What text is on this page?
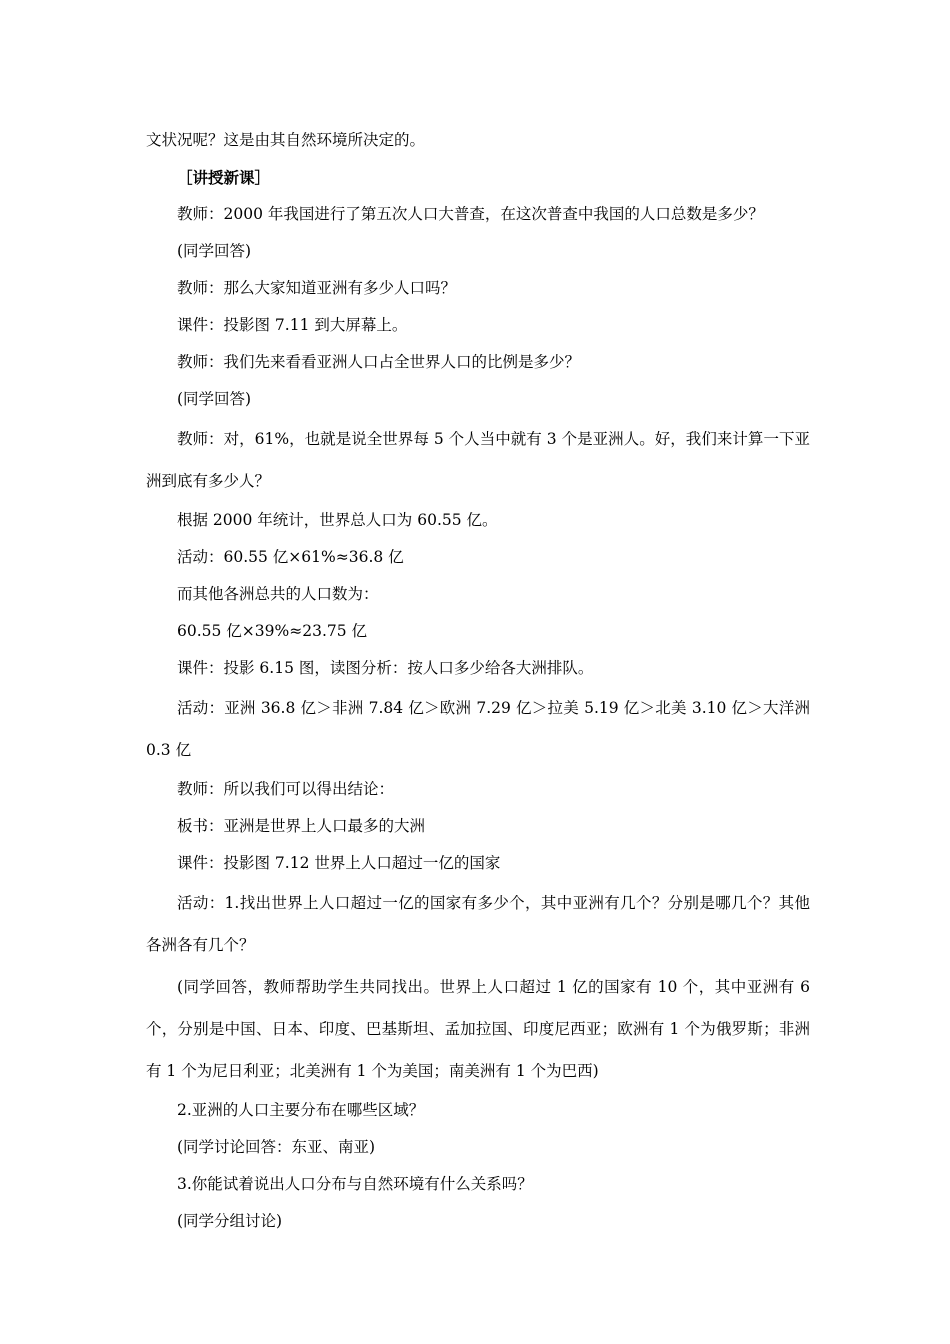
文状况呢？这是由其自然环境所决定的。

［讲授新课］

教师：2000 年我国进行了第五次人口大普查，在这次普查中我国的人口总数是多少？

(同学回答)

教师：那么大家知道亚洲有多少人口吗？

课件：投影图 7.11 到大屏幕上。

教师：我们先来看看亚洲人口占全世界人口的比例是多少？

(同学回答)

教师：对，61%，也就是说全世界每 5 个人当中就有 3 个是亚洲人。好，我们来计算一下亚洲到底有多少人？

根据 2000 年统计，世界总人口为 60.55 亿。

活动：60.55 亿×61%≈36.8 亿

而其他各洲总共的人口数为：

60.55 亿×39%≈23.75 亿

课件：投影 6.15 图，读图分析：按人口多少给各大洲排队。

活动：亚洲 36.8 亿＞非洲 7.84 亿＞欧洲 7.29 亿＞拉美 5.19 亿＞北美 3.10 亿＞大洋洲 0.3 亿

教师：所以我们可以得出结论：

板书：亚洲是世界上人口最多的大洲

课件：投影图 7.12 世界上人口超过一亿的国家

活动：1.找出世界上人口超过一亿的国家有多少个，其中亚洲有几个？分别是哪几个？其他各洲各有几个？

(同学回答，教师帮助学生共同找出。世界上人口超过 1 亿的国家有 10 个，其中亚洲有 6 个，分别是中国、日本、印度、巴基斯坦、孟加拉国、印度尼西亚；欧洲有 1 个为俄罗斯；非洲有 1 个为尼日利亚；北美洲有 1 个为美国；南美洲有 1 个为巴西)

2.亚洲的人口主要分布在哪些区域？

(同学讨论回答：东亚、南亚)

3.你能试着说出人口分布与自然环境有什么关系吗？

(同学分组讨论)
